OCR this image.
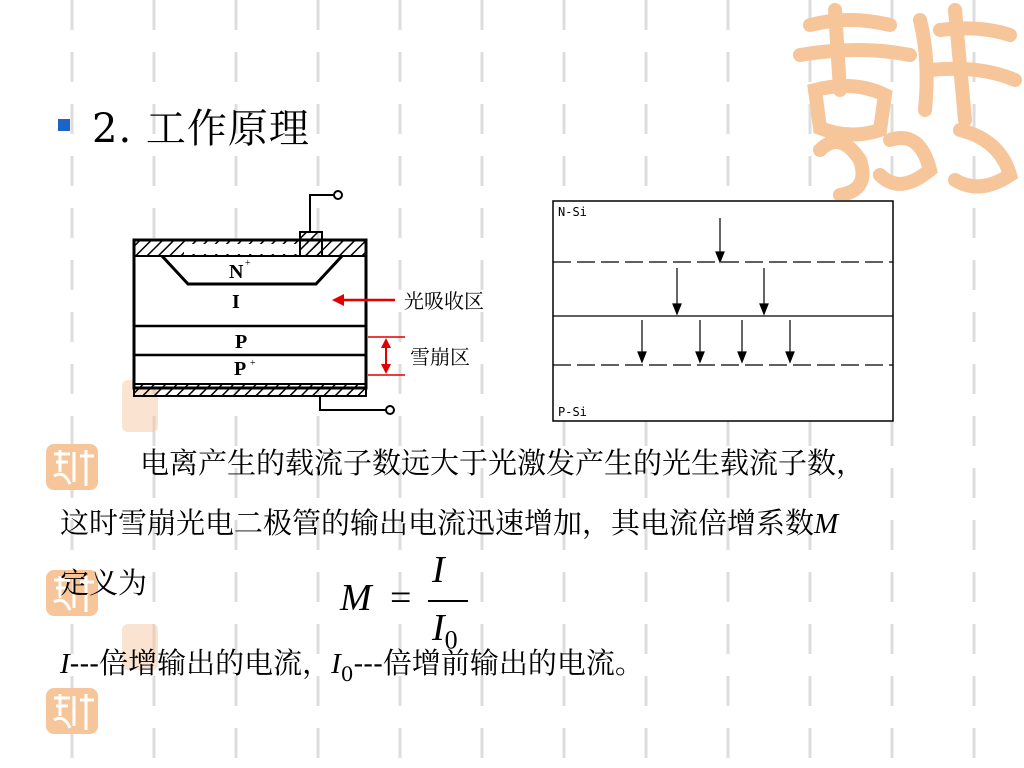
2. 工作原理
N +
I
P
P +
光吸收区
雪崩区
N-Si
P-Si
电离产生的载流子数远大于光激发产生的光生载流子数，
这时雪崩光电二极管的输出电流迅速增加，其电流倍增系数M
定义为	M =
I
$I_0$
I---倍增输出的电流，$I_0---$倍增前输出的电流。
